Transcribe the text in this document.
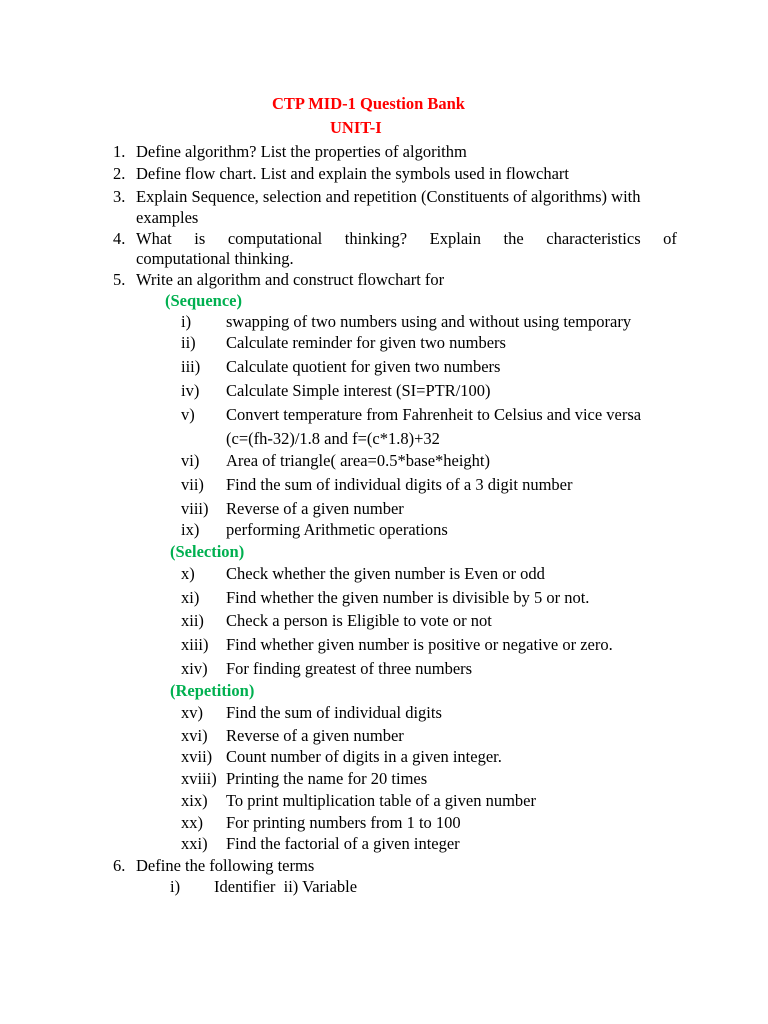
CTP MID-1 Question Bank
UNIT-I
1. Define algorithm? List the properties of algorithm
2. Define flow chart. List and explain the symbols used in flowchart
3. Explain Sequence, selection and repetition (Constituents of algorithms) with
examples
4. What is computational thinking? Explain the characteristics of
computational thinking.
5. Write an algorithm and construct flowchart for
(Sequence)
i) swapping of two numbers using and without using temporary
ii) Calculate reminder for given two numbers
iii) Calculate quotient for given two numbers
iv) Calculate Simple interest (SI=PTR/100)
v) Convert temperature from Fahrenheit to Celsius and vice versa
(c=(fh-32)/1.8 and f=(c*1.8)+32
vi) Area of triangle( area=0.5*base*height)
vii) Find the sum of individual digits of a 3 digit number
viii) Reverse of a given number
ix) performing Arithmetic operations
(Selection)
x) Check whether the given number is Even or odd
xi) Find whether the given number is divisible by 5 or not.
xii) Check a person is Eligible to vote or not
xiii) Find whether given number is positive or negative or zero.
xiv) For finding greatest of three numbers
(Repetition)
xv) Find the sum of individual digits
xvi) Reverse of a given number
xvii) Count number of digits in a given integer.
xviii) Printing the name for 20 times
xix) To print multiplication table of a given number
xx) For printing numbers from 1 to 100
xxi) Find the factorial of a given integer
6. Define the following terms
i) Identifier  ii) Variable
